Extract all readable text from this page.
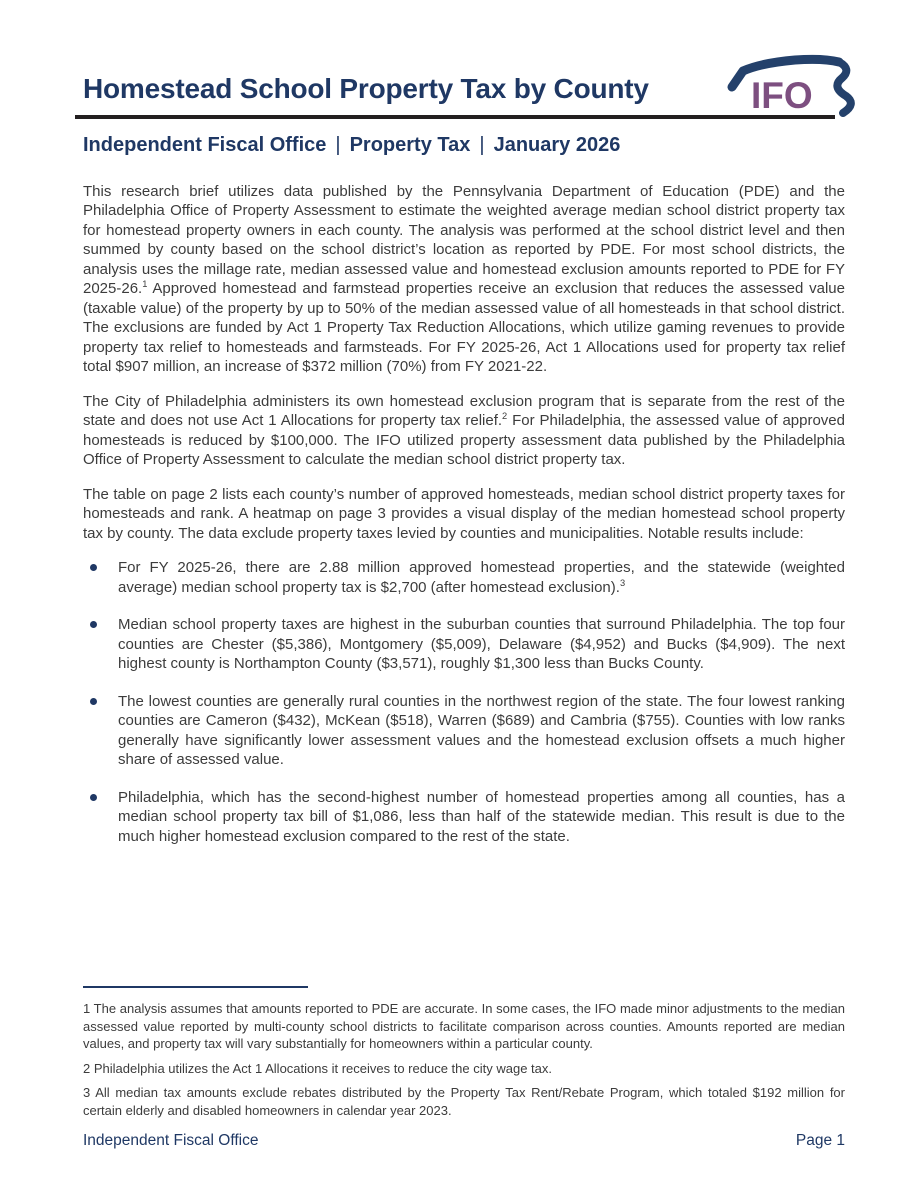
Homestead School Property Tax by County	IFO
Independent Fiscal Office | Property Tax | January 2026

This research brief utilizes data published by the Pennsylvania Department of Education (PDE) and the Philadelphia Office of Property Assessment to estimate the weighted average median school district property tax for homestead property owners in each county. The analysis was performed at the school district level and then summed by county based on the school district’s location as reported by PDE. For most school districts, the analysis uses the millage rate, median assessed value and homestead exclusion amounts reported to PDE for FY 2025-26.$^1$ Approved homestead and farmstead properties receive an exclusion that reduces the assessed value (taxable value) of the property by up to 50% of the median assessed value of all homesteads in that school district. The exclusions are funded by Act 1 Property Tax Reduction Allocations, which utilize gaming revenues to provide property tax relief to homesteads and farmsteads. For FY 2025-26, Act 1 Allocations used for property tax relief total $907 million, an increase of $372 million (70%) from FY 2021-22.

The City of Philadelphia administers its own homestead exclusion program that is separate from the rest of the state and does not use Act 1 Allocations for property tax relief.$^2$ For Philadelphia, the assessed value of approved homesteads is reduced by $100,000. The IFO utilized property assessment data published by the Philadelphia Office of Property Assessment to calculate the median school district property tax.

The table on page 2 lists each county’s number of approved homesteads, median school district property taxes for homesteads and rank. A heatmap on page 3 provides a visual display of the median homestead school property tax by county. The data exclude property taxes levied by counties and municipalities. Notable results include:

For FY 2025-26, there are 2.88 million approved homestead properties, and the statewide (weighted average) median school property tax is $2,700 (after homestead exclusion).$^3$
Median school property taxes are highest in the suburban counties that surround Philadelphia. The top four counties are Chester ($5,386), Montgomery ($5,009), Delaware ($4,952) and Bucks ($4,909). The next highest county is Northampton County ($3,571), roughly $1,300 less than Bucks County.
The lowest counties are generally rural counties in the northwest region of the state. The four lowest ranking counties are Cameron ($432), McKean ($518), Warren ($689) and Cambria ($755). Counties with low ranks generally have significantly lower assessment values and the homestead exclusion offsets a much higher share of assessed value.
Philadelphia, which has the second-highest number of homestead properties among all counties, has a median school property tax bill of $1,086, less than half of the statewide median. This result is due to the much higher homestead exclusion compared to the rest of the state.

1 The analysis assumes that amounts reported to PDE are accurate. In some cases, the IFO made minor adjustments to the median assessed value reported by multi-county school districts to facilitate comparison across counties. Amounts reported are median values, and property tax will vary substantially for homeowners within a particular county.

2 Philadelphia utilizes the Act 1 Allocations it receives to reduce the city wage tax.

3 All median tax amounts exclude rebates distributed by the Property Tax Rent/Rebate Program, which totaled $192 million for certain elderly and disabled homeowners in calendar year 2023.

Independent Fiscal Office	Page 1
